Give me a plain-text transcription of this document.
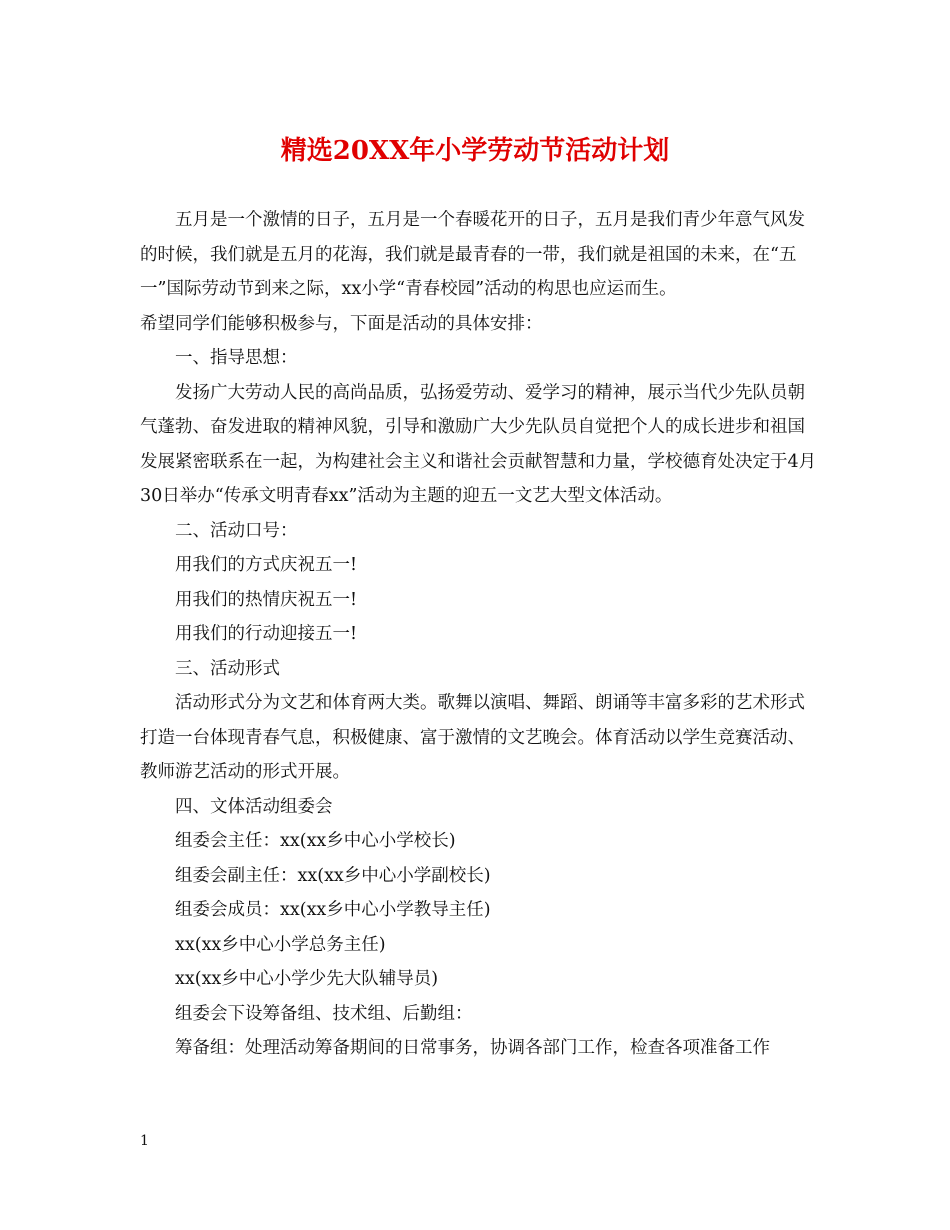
精选20XX年小学劳动节活动计划

五月是一个激情的日子，五月是一个春暖花开的日子，五月是我们青少年意气风发的时候，我们就是五月的花海，我们就是最青春的一带，我们就是祖国的未来，在“五一”国际劳动节到来之际，xx小学“青春校园”活动的构思也应运而生。

希望同学们能够积极参与，下面是活动的具体安排：

一、指导思想：

发扬广大劳动人民的高尚品质，弘扬爱劳动、爱学习的精神，展示当代少先队员朝气蓬勃、奋发进取的精神风貌，引导和激励广大少先队员自觉把个人的成长进步和祖国发展紧密联系在一起，为构建社会主义和谐社会贡献智慧和力量，学校德育处决定于4月30日举办“传承文明青春xx”活动为主题的迎五一文艺大型文体活动。

二、活动口号：

用我们的方式庆祝五一!

用我们的热情庆祝五一!

用我们的行动迎接五一!

三、活动形式

活动形式分为文艺和体育两大类。歌舞以演唱、舞蹈、朗诵等丰富多彩的艺术形式打造一台体现青春气息，积极健康、富于激情的文艺晚会。体育活动以学生竞赛活动、教师游艺活动的形式开展。

四、文体活动组委会

组委会主任：xx(xx乡中心小学校长)

组委会副主任：xx(xx乡中心小学副校长)

组委会成员：xx(xx乡中心小学教导主任)

xx(xx乡中心小学总务主任)

xx(xx乡中心小学少先大队辅导员)

组委会下设筹备组、技术组、后勤组：

筹备组：处理活动筹备期间的日常事务，协调各部门工作，检查各项准备工作

1
